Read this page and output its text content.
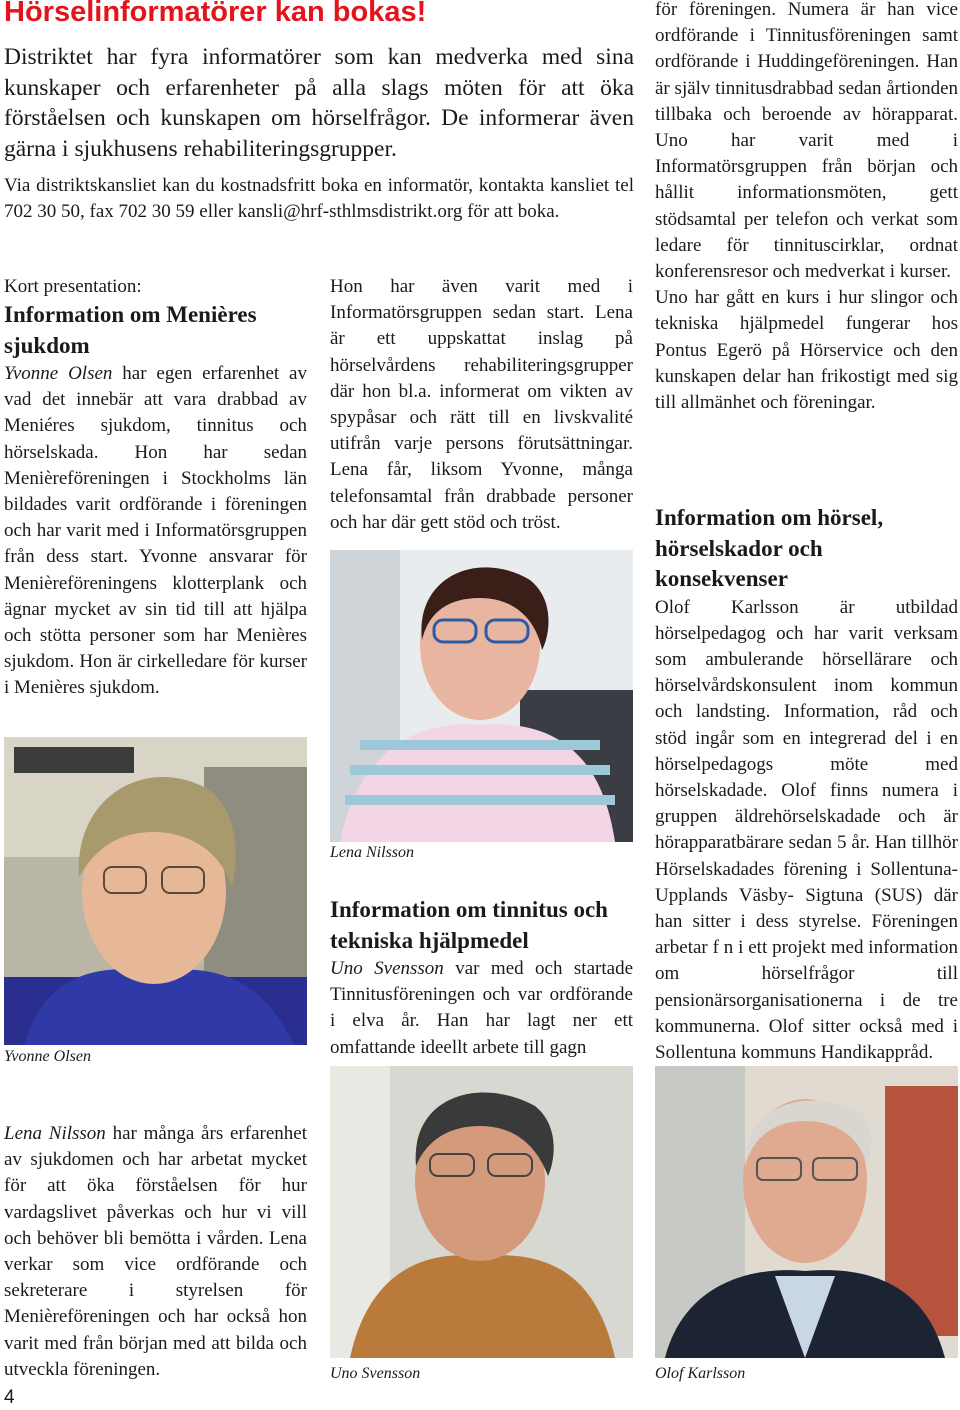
Hörselinformatörer kan bokas!

Distriktet har fyra informatörer som kan medverka med sina kunskaper och erfarenheter på alla slags möten för att öka förståelsen och kunskapen om hörselfrågor. De informerar även gärna i sjukhusens rehabiliteringsgrupper.

Via distriktskansliet kan du kostnadsfritt boka en informatör, kontakta kansliet tel 702 30 50, fax 702 30 59 eller kansli@hrf-sthlmsdistrikt.org för att boka.

Kort presentation:

Information om Menières sjukdom

Yvonne Olsen har egen erfarenhet av vad det innebär att vara drabbad av Meniéres sjukdom, tinnitus och hörselskada. Hon har sedan Menièreföreningen i Stockholms län bildades varit ordförande i föreningen och har varit med i Informatörsgruppen från dess start. Yvonne ansvarar för Menièreföreningens klotterplank och ägnar mycket av sin tid till att hjälpa och stötta personer som har Menières sjukdom. Hon är cirkelledare för kurser i Menières sjukdom.

Yvonne Olsen

Lena Nilsson har många års erfarenhet av sjukdomen och har arbetat mycket för att öka förståelsen för hur vardagslivet påverkas och hur vi vill och behöver bli bemötta i vården. Lena verkar som vice ordförande och sekreterare i styrelsen för Menièreföreningen och har också hon varit med från början med att bilda och utveckla föreningen.

4

Hon har även varit med i Informatörsgruppen sedan start. Lena är ett uppskattat inslag på hörselvårdens rehabiliteringsgrupper där hon bl.a. informerat om vikten av spypåsar och rätt till en livskvalité utifrån varje persons förutsättningar. Lena får, liksom Yvonne, många telefonsamtal från drabbade personer och har där gett stöd och tröst.

Lena Nilsson

Information om tinnitus och tekniska hjälpmedel

Uno Svensson var med och startade Tinnitusföreningen och var ordförande i elva år. Han har lagt ner ett omfattande ideellt arbete till gagn

Uno Svensson

för föreningen. Numera är han vice ordförande i Tinnitusföreningen samt ordförande i Huddingeföreningen. Han är själv tinnitusdrabbad sedan årtionden tillbaka och beroende av hörapparat. Uno har varit med i Informatörsgruppen från början och hållit informationsmöten, gett stödsamtal per telefon och verkat som ledare för tinnituscirklar, ordnat konferensresor och medverkat i kurser.

Uno har gått en kurs i hur slingor och tekniska hjälpmedel fungerar hos Pontus Egerö på Hörservice och den kunskapen delar han frikostigt med sig till allmänhet och föreningar.

Information om hörsel, hörselskador och konsekvenser

Olof Karlsson är utbildad hörselpedagog och har varit verksam som ambulerande hörsellärare och hörselvårdskonsulent inom kommun och landsting. Information, råd och stöd ingår som en integrerad del i en hörselpedagogs möte med hörselskadade. Olof finns numera i gruppen äldrehörselskadade och är hörapparatbärare sedan 5 år. Han tillhör Hörselskadades förening i Sollentuna- Upplands Väsby- Sigtuna (SUS) där han sitter i dess styrelse. Föreningen arbetar f n i ett projekt med information om hörselfrågor till pensionärsorganisationerna i de tre kommunerna. Olof sitter också med i Sollentuna kommuns Handikappråd.

Olof Karlsson
